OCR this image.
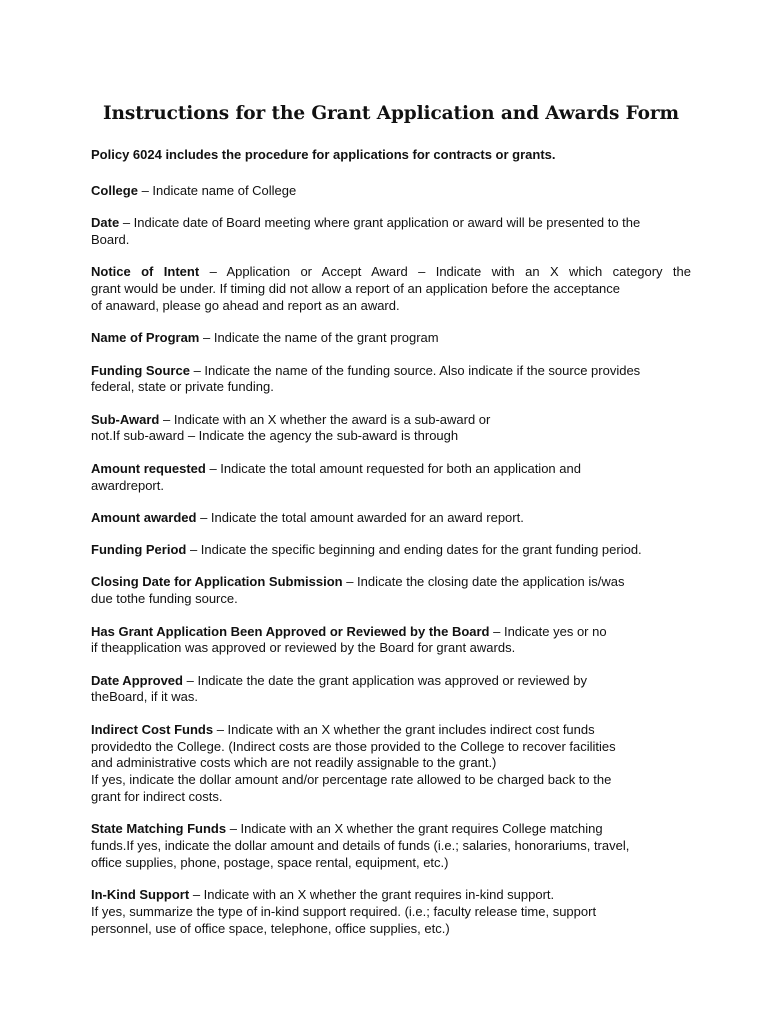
Instructions for the Grant Application and Awards Form

Policy 6024 includes the procedure for applications for contracts or grants.

College – Indicate name of College

Date – Indicate date of Board meeting where grant application or award will be presented to the
Board.

Notice of Intent – Application or Accept Award – Indicate with an X which category the
grant would be under. If timing did not allow a report of an application before the acceptance
of anaward, please go ahead and report as an award.

Name of Program – Indicate the name of the grant program

Funding Source – Indicate the name of the funding source. Also indicate if the source provides
federal, state or private funding.

Sub-Award – Indicate with an X whether the award is a sub-award or
not.If sub-award – Indicate the agency the sub-award is through

Amount requested – Indicate the total amount requested for both an application and
awardreport.

Amount awarded – Indicate the total amount awarded for an award report.

Funding Period – Indicate the specific beginning and ending dates for the grant funding period.

Closing Date for Application Submission – Indicate the closing date the application is/was
due tothe funding source.

Has Grant Application Been Approved or Reviewed by the Board – Indicate yes or no
if theapplication was approved or reviewed by the Board for grant awards.

Date Approved – Indicate the date the grant application was approved or reviewed by
theBoard, if it was.

Indirect Cost Funds – Indicate with an X whether the grant includes indirect cost funds
providedto the College. (Indirect costs are those provided to the College to recover facilities
and administrative costs which are not readily assignable to the grant.)
If yes, indicate the dollar amount and/or percentage rate allowed to be charged back to the
grant for indirect costs.

State Matching Funds – Indicate with an X whether the grant requires College matching
funds.If yes, indicate the dollar amount and details of funds (i.e.; salaries, honorariums, travel,
office supplies, phone, postage, space rental, equipment, etc.)

In-Kind Support – Indicate with an X whether the grant requires in-kind support.
If yes, summarize the type of in-kind support required. (i.e.; faculty release time, support
personnel, use of office space, telephone, office supplies, etc.)
